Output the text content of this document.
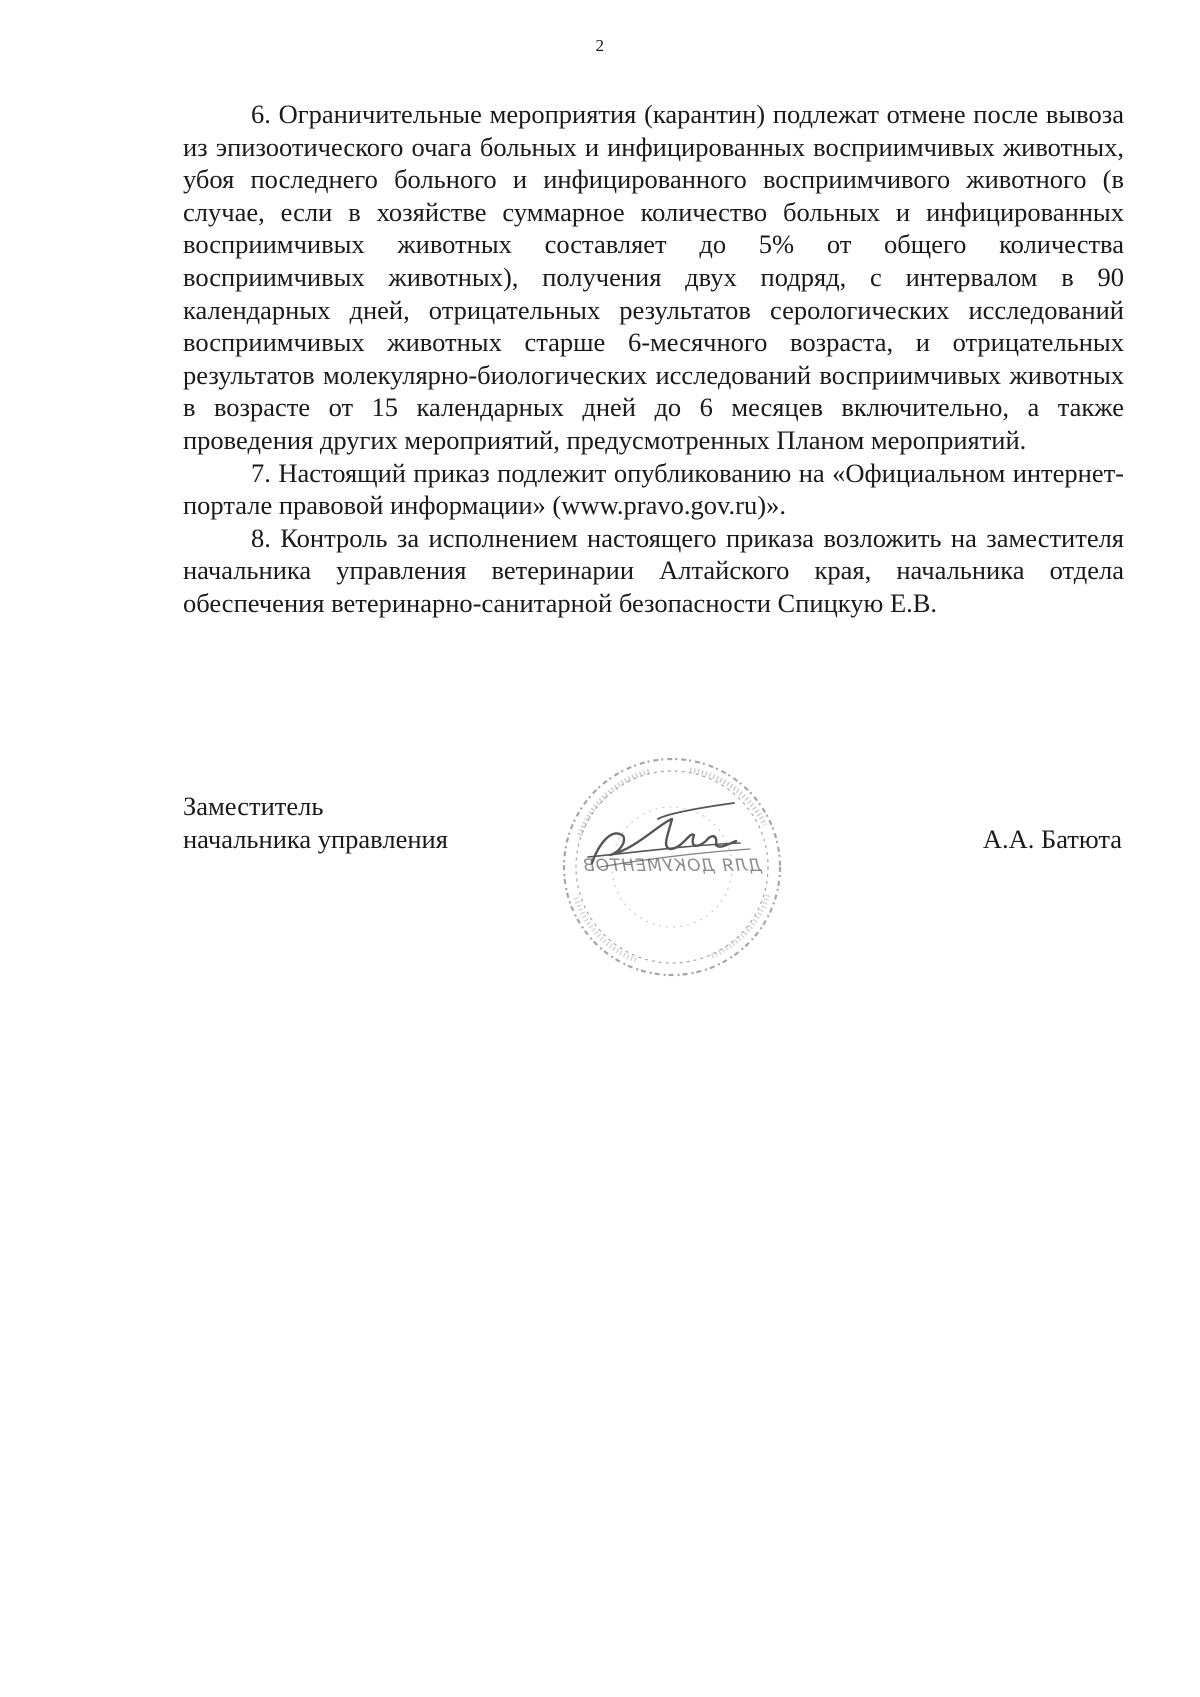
2

6. Ограничительные мероприятия (карантин) подлежат отмене после вывоза из эпизоотического очага больных и инфицированных восприимчивых животных, убоя последнего больного и инфицированного восприимчивого животного (в случае, если в хозяйстве суммарное количество больных и инфицированных восприимчивых животных составляет до 5% от общего количества восприимчивых животных), получения двух подряд, с интервалом в 90 календарных дней, отрицательных результатов серологических исследований восприимчивых животных старше 6-месячного возраста, и отрицательных результатов молекулярно-биологических исследований восприимчивых животных в возрасте от 15 календарных дней до 6 месяцев включительно, а также проведения других мероприятий, предусмотренных Планом мероприятий.

7. Настоящий приказ подлежит опубликованию на «Официальном интернет-портале правовой информации» (www.pravo.gov.ru)».

8. Контроль за исполнением настоящего приказа возложить на заместителя начальника управления ветеринарии Алтайского края, начальника отдела обеспечения ветеринарно-санитарной безопасности Спицкую Е.В.

Заместитель
начальника управления
ДЛЯ ДОКУМЕНТОВ
А.А. Батюта
